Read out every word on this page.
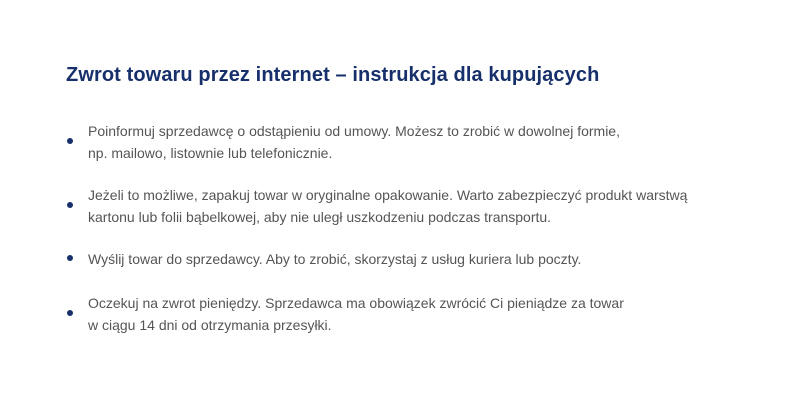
Zwrot towaru przez internet – instrukcja dla kupujących
Poinformuj sprzedawcę o odstąpieniu od umowy. Możesz to zrobić w dowolnej formie,
np. mailowo, listownie lub telefonicznie.
Jeżeli to możliwe, zapakuj towar w oryginalne opakowanie. Warto zabezpieczyć produkt warstwą
kartonu lub folii bąbelkowej, aby nie uległ uszkodzeniu podczas transportu.
Wyślij towar do sprzedawcy. Aby to zrobić, skorzystaj z usług kuriera lub poczty.
Oczekuj na zwrot pieniędzy. Sprzedawca ma obowiązek zwrócić Ci pieniądze za towar
w ciągu 14 dni od otrzymania przesyłki.
